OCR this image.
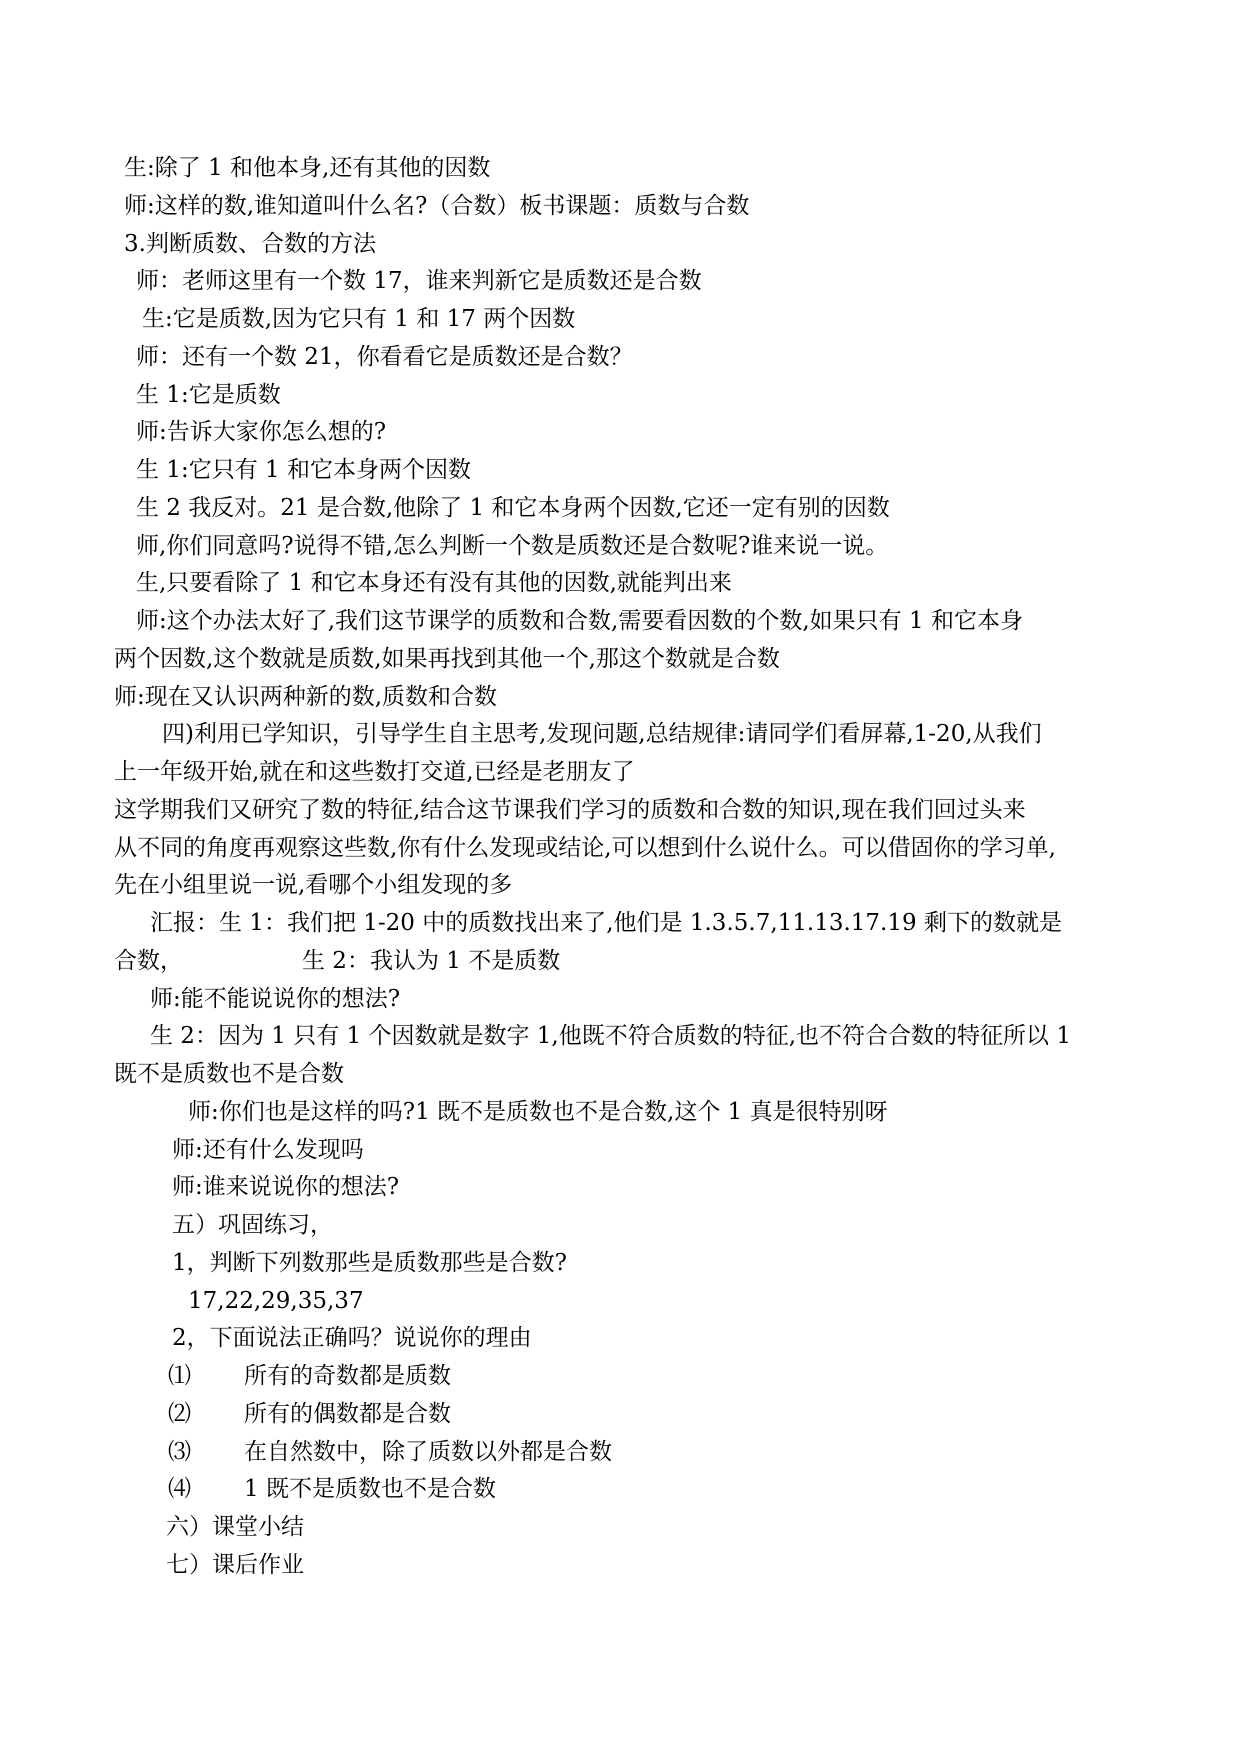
生:除了 1 和他本身,还有其他的因数
师:这样的数,谁知道叫什么名?（合数）板书课题：质数与合数
3.判断质数、合数的方法
师：老师这里有一个数 17，谁来判新它是质数还是合数
生:它是质数,因为它只有 1 和 17 两个因数
师：还有一个数 21，你看看它是质数还是合数？
生 1:它是质数
师:告诉大家你怎么想的?
生 1:它只有 1 和它本身两个因数
生 2 我反对。21 是合数,他除了 1 和它本身两个因数,它还一定有别的因数
师,你们同意吗?说得不错,怎么判断一个数是质数还是合数呢?谁来说一说。
生,只要看除了 1 和它本身还有没有其他的因数,就能判出来
师:这个办法太好了,我们这节课学的质数和合数,需要看因数的个数,如果只有 1 和它本身
两个因数,这个数就是质数,如果再找到其他一个,那这个数就是合数
师:现在又认识两种新的数,质数和合数
四)利用已学知识，引导学生自主思考,发现问题,总结规律:请同学们看屏幕,1-20,从我们
上一年级开始,就在和这些数打交道,已经是老朋友了
这学期我们又研究了数的特征,结合这节课我们学习的质数和合数的知识,现在我们回过头来
从不同的角度再观察这些数,你有什么发现或结论,可以想到什么说什么。可以借固你的学习单,
先在小组里说一说,看哪个小组发现的多
汇报：生 1：我们把 1-20 中的质数找出来了,他们是 1.3.5.7,11.13.17.19 剩下的数就是
合数，	生 2：我认为 1 不是质数
师:能不能说说你的想法?
生 2：因为 1 只有 1 个因数就是数字 1,他既不符合质数的特征,也不符合合数的特征所以 1
既不是质数也不是合数
师:你们也是这样的吗?1 既不是质数也不是合数,这个 1 真是很特别呀
师:还有什么发现吗
师:谁来说说你的想法?
五）巩固练习，
1，判断下列数那些是质数那些是合数?
17,22,29,35,37
2，下面说法正确吗？说说你的理由
⑴ 所有的奇数都是质数
⑵ 所有的偶数都是合数
⑶ 在自然数中，除了质数以外都是合数
⑷ 1 既不是质数也不是合数
六）课堂小结
七）课后作业
